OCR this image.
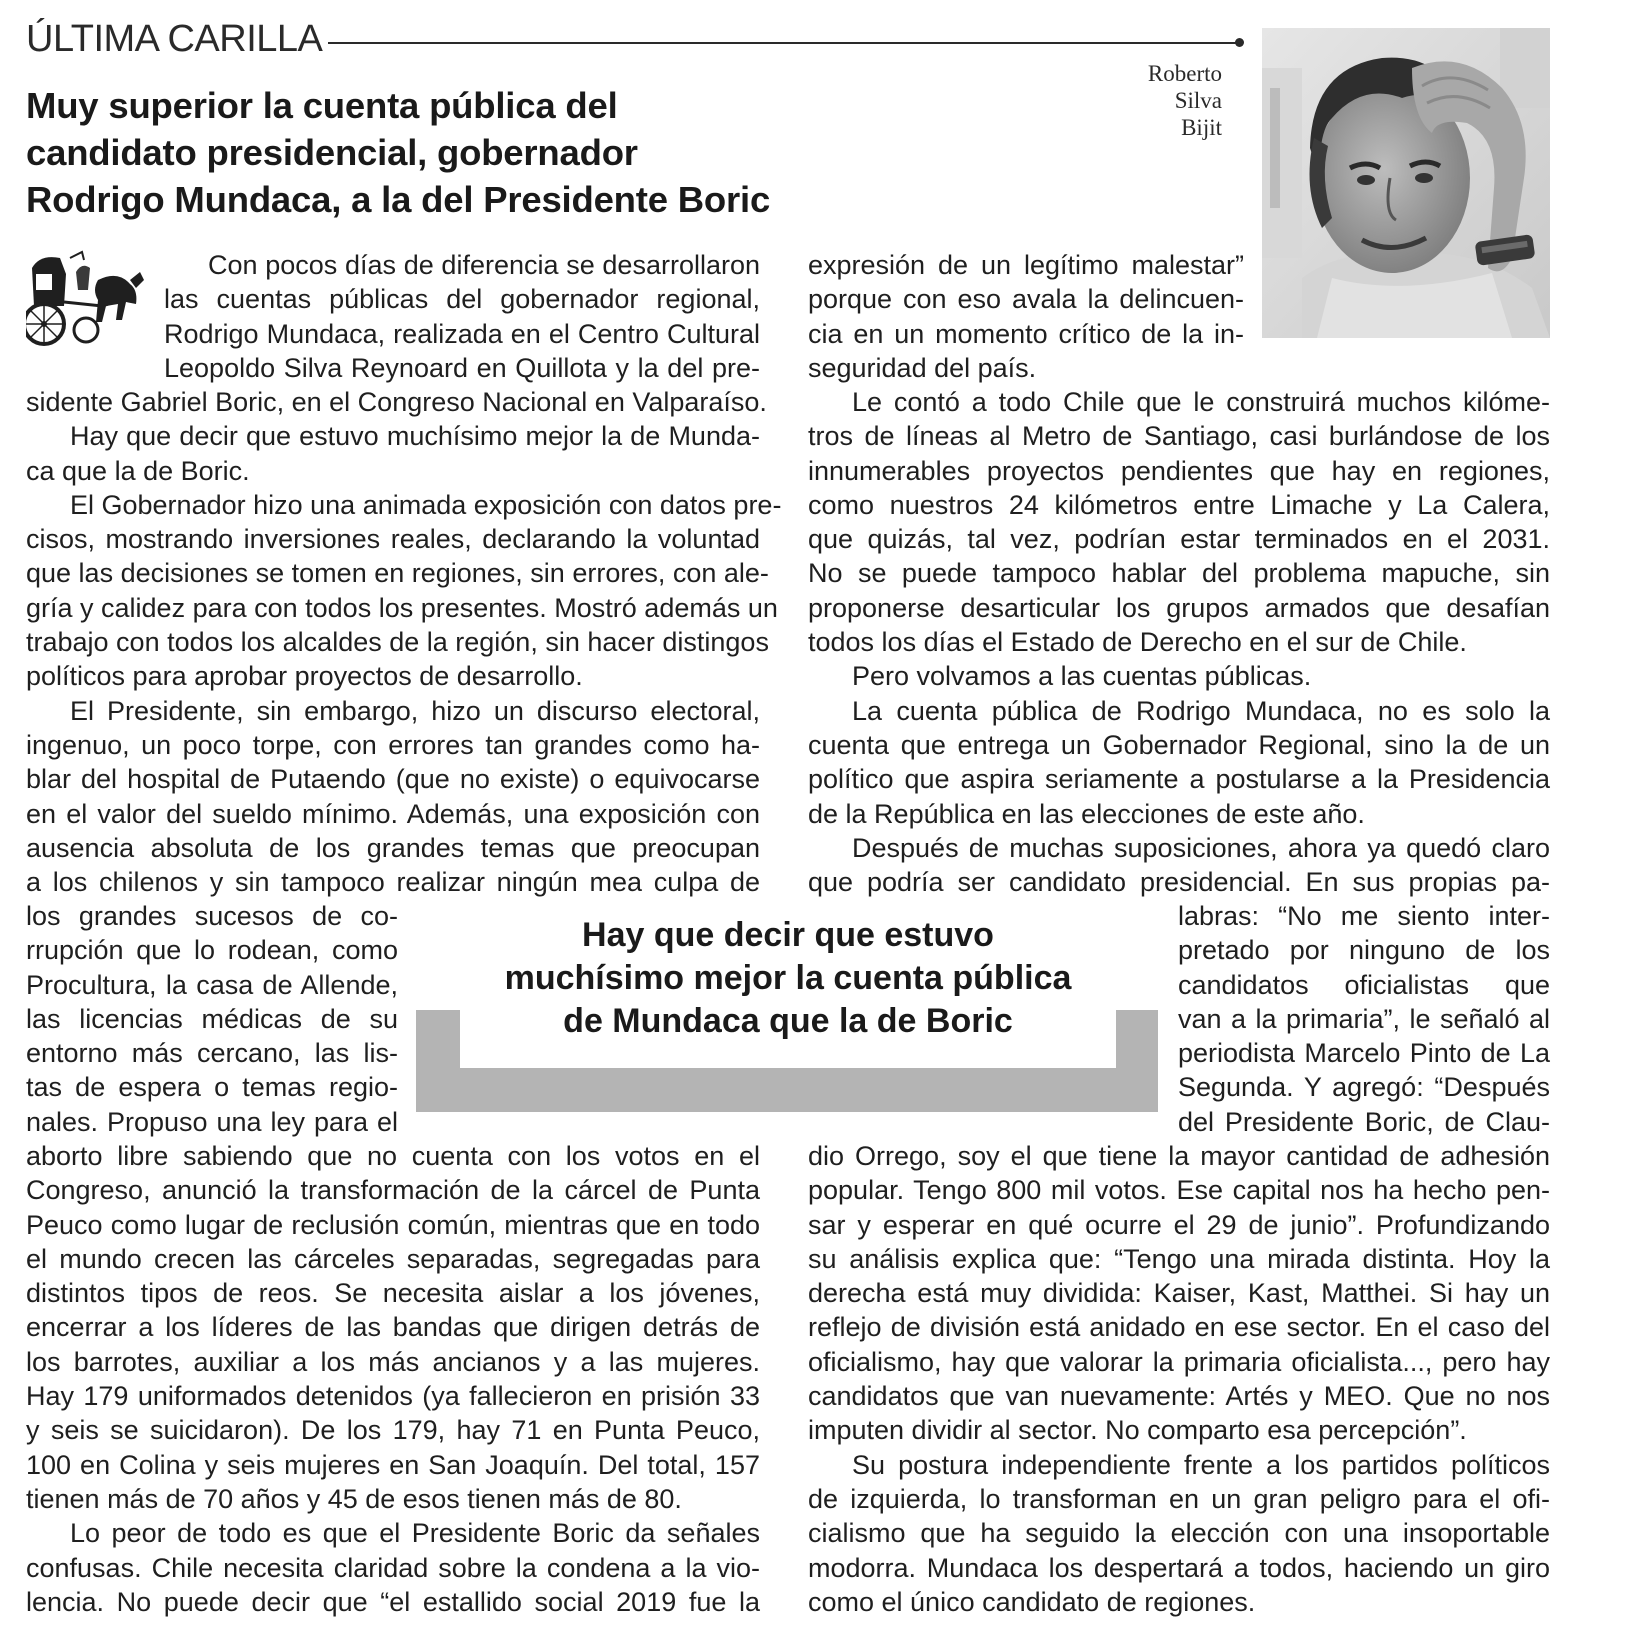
ÚLTIMA CARILLA
Muy superior la cuenta pública del
candidato presidencial, gobernador
Rodrigo Mundaca, a la del Presidente Boric
Roberto
Silva
Bijit
Con pocos días de diferencia se desarrollaron
las cuentas públicas del gobernador regional,
Rodrigo Mundaca, realizada en el Centro Cultural
Leopoldo Silva Reynoard en Quillota y la del pre-
sidente Gabriel Boric, en el Congreso Nacional en Valparaíso.
Hay que decir que estuvo muchísimo mejor la de Munda-
ca que la de Boric.
El Gobernador hizo una animada exposición con datos pre-
cisos, mostrando inversiones reales, declarando la voluntad
que las decisiones se tomen en regiones, sin errores, con ale-
gría y calidez para con todos los presentes. Mostró además un
trabajo con todos los alcaldes de la región, sin hacer distingos
políticos para aprobar proyectos de desarrollo.
El Presidente, sin embargo, hizo un discurso electoral,
ingenuo, un poco torpe, con errores tan grandes como ha-
blar del hospital de Putaendo (que no existe) o equivocarse
en el valor del sueldo mínimo. Además, una exposición con
ausencia absoluta de los grandes temas que preocupan
a los chilenos y sin tampoco realizar ningún mea culpa de
los grandes sucesos de co-
rrupción que lo rodean, como
Procultura, la casa de Allende,
las licencias médicas de su
entorno más cercano, las lis-
tas de espera o temas regio-
nales. Propuso una ley para el
aborto libre sabiendo que no cuenta con los votos en el
Congreso, anunció la transformación de la cárcel de Punta
Peuco como lugar de reclusión común, mientras que en todo
el mundo crecen las cárceles separadas, segregadas para
distintos tipos de reos. Se necesita aislar a los jóvenes,
encerrar a los líderes de las bandas que dirigen detrás de
los barrotes, auxiliar a los más ancianos y a las mujeres.
Hay 179 uniformados detenidos (ya fallecieron en prisión 33
y seis se suicidaron). De los 179, hay 71 en Punta Peuco,
100 en Colina y seis mujeres en San Joaquín. Del total, 157
tienen más de 70 años y 45 de esos tienen más de 80.
Lo peor de todo es que el Presidente Boric da señales
confusas. Chile necesita claridad sobre la condena a la vio-
lencia. No puede decir que “el estallido social 2019 fue la
expresión de un legítimo malestar”
porque con eso avala la delincuen-
cia en un momento crítico de la in-
seguridad del país.
Le contó a todo Chile que le construirá muchos kilóme-
tros de líneas al Metro de Santiago, casi burlándose de los
innumerables proyectos pendientes que hay en regiones,
como nuestros 24 kilómetros entre Limache y La Calera,
que quizás, tal vez, podrían estar terminados en el 2031.
No se puede tampoco hablar del problema mapuche, sin
proponerse desarticular los grupos armados que desafían
todos los días el Estado de Derecho en el sur de Chile.
Pero volvamos a las cuentas públicas.
La cuenta pública de Rodrigo Mundaca, no es solo la
cuenta que entrega un Gobernador Regional, sino la de un
político que aspira seriamente a postularse a la Presidencia
de la República en las elecciones de este año.
Después de muchas suposiciones, ahora ya quedó claro
que podría ser candidato presidencial. En sus propias pa-
labras: “No me siento inter-
pretado por ninguno de los
candidatos oficialistas que
van a la primaria”, le señaló al
periodista Marcelo Pinto de La
Segunda. Y agregó: “Después
del Presidente Boric, de Clau-
dio Orrego, soy el que tiene la mayor cantidad de adhesión
popular. Tengo 800 mil votos. Ese capital nos ha hecho pen-
sar y esperar en qué ocurre el 29 de junio”. Profundizando
su análisis explica que: “Tengo una mirada distinta. Hoy la
derecha está muy dividida: Kaiser, Kast, Matthei. Si hay un
reflejo de división está anidado en ese sector. En el caso del
oficialismo, hay que valorar la primaria oficialista..., pero hay
candidatos que van nuevamente: Artés y MEO. Que no nos
imputen dividir al sector. No comparto esa percepción”.
Su postura independiente frente a los partidos políticos
de izquierda, lo transforman en un gran peligro para el ofi-
cialismo que ha seguido la elección con una insoportable
modorra. Mundaca los despertará a todos, haciendo un giro
como el único candidato de regiones.
Hay que decir que estuvo
muchísimo mejor la cuenta pública
de Mundaca que la de Boric
